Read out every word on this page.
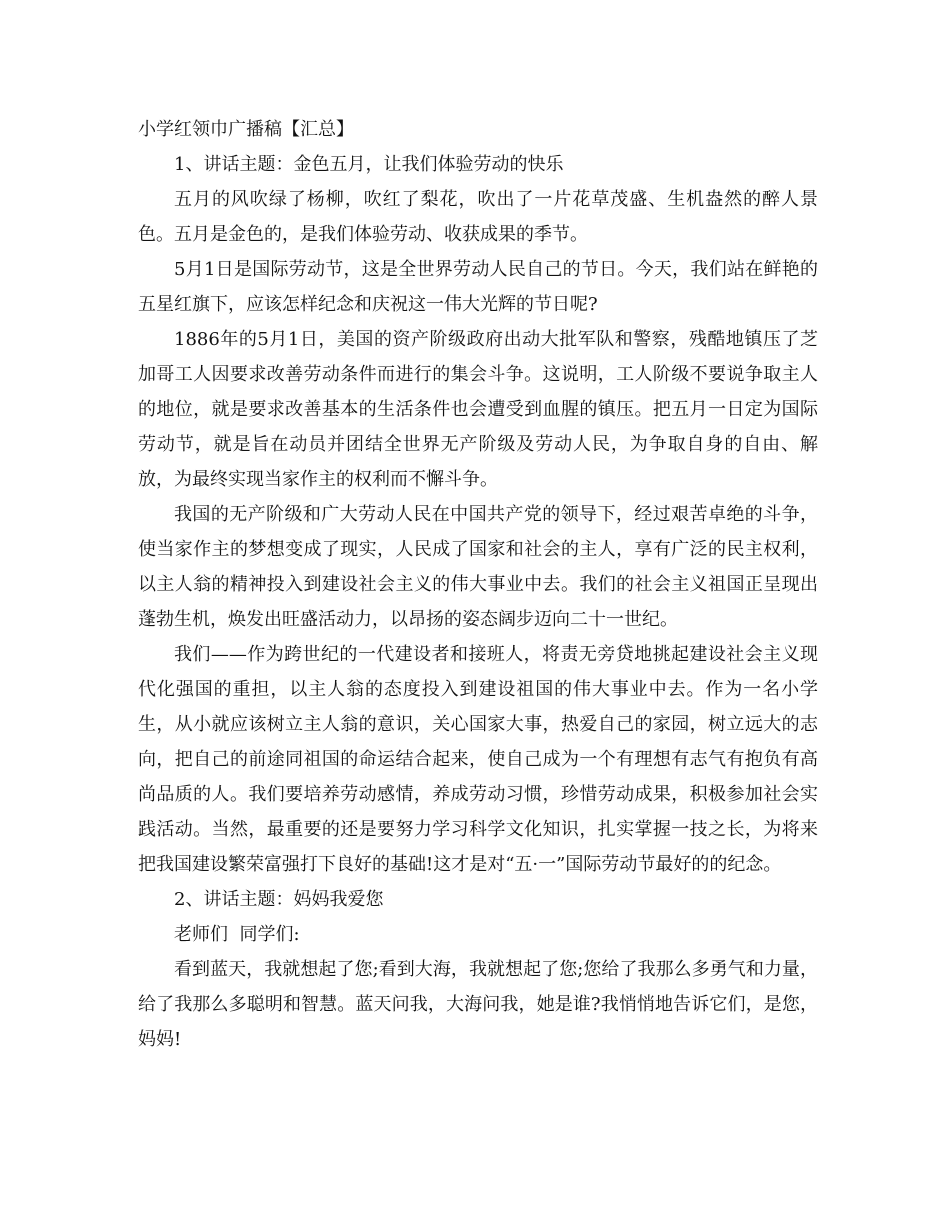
小学红领巾广播稿【汇总】

1、讲话主题：金色五月，让我们体验劳动的快乐

五月的风吹绿了杨柳，吹红了梨花，吹出了一片花草茂盛、生机盎然的醉人景色。五月是金色的，是我们体验劳动、收获成果的季节。

5月1日是国际劳动节，这是全世界劳动人民自己的节日。今天，我们站在鲜艳的五星红旗下，应该怎样纪念和庆祝这一伟大光辉的节日呢?

1886年的5月1日，美国的资产阶级政府出动大批军队和警察，残酷地镇压了芝加哥工人因要求改善劳动条件而进行的集会斗争。这说明，工人阶级不要说争取主人的地位，就是要求改善基本的生活条件也会遭受到血腥的镇压。把五月一日定为国际劳动节，就是旨在动员并团结全世界无产阶级及劳动人民，为争取自身的自由、解放，为最终实现当家作主的权利而不懈斗争。

我国的无产阶级和广大劳动人民在中国共产党的领导下，经过艰苦卓绝的斗争，使当家作主的梦想变成了现实，人民成了国家和社会的主人，享有广泛的民主权利，以主人翁的精神投入到建设社会主义的伟大事业中去。我们的社会主义祖国正呈现出蓬勃生机，焕发出旺盛活动力，以昂扬的姿态阔步迈向二十一世纪。

我们——作为跨世纪的一代建设者和接班人，将责无旁贷地挑起建设社会主义现代化强国的重担，以主人翁的态度投入到建设祖国的伟大事业中去。作为一名小学生，从小就应该树立主人翁的意识，关心国家大事，热爱自己的家园，树立远大的志向，把自己的前途同祖国的命运结合起来，使自己成为一个有理想有志气有抱负有高尚品质的人。我们要培养劳动感情，养成劳动习惯，珍惜劳动成果，积极参加社会实践活动。当然，最重要的还是要努力学习科学文化知识，扎实掌握一技之长，为将来把我国建设繁荣富强打下良好的基础!这才是对“五·一”国际劳动节最好的的纪念。

2、讲话主题：妈妈我爱您

老师们  同学们:

看到蓝天，我就想起了您;看到大海，我就想起了您;您给了我那么多勇气和力量，给了我那么多聪明和智慧。蓝天问我，大海问我，她是谁?我悄悄地告诉它们，是您，妈妈!
